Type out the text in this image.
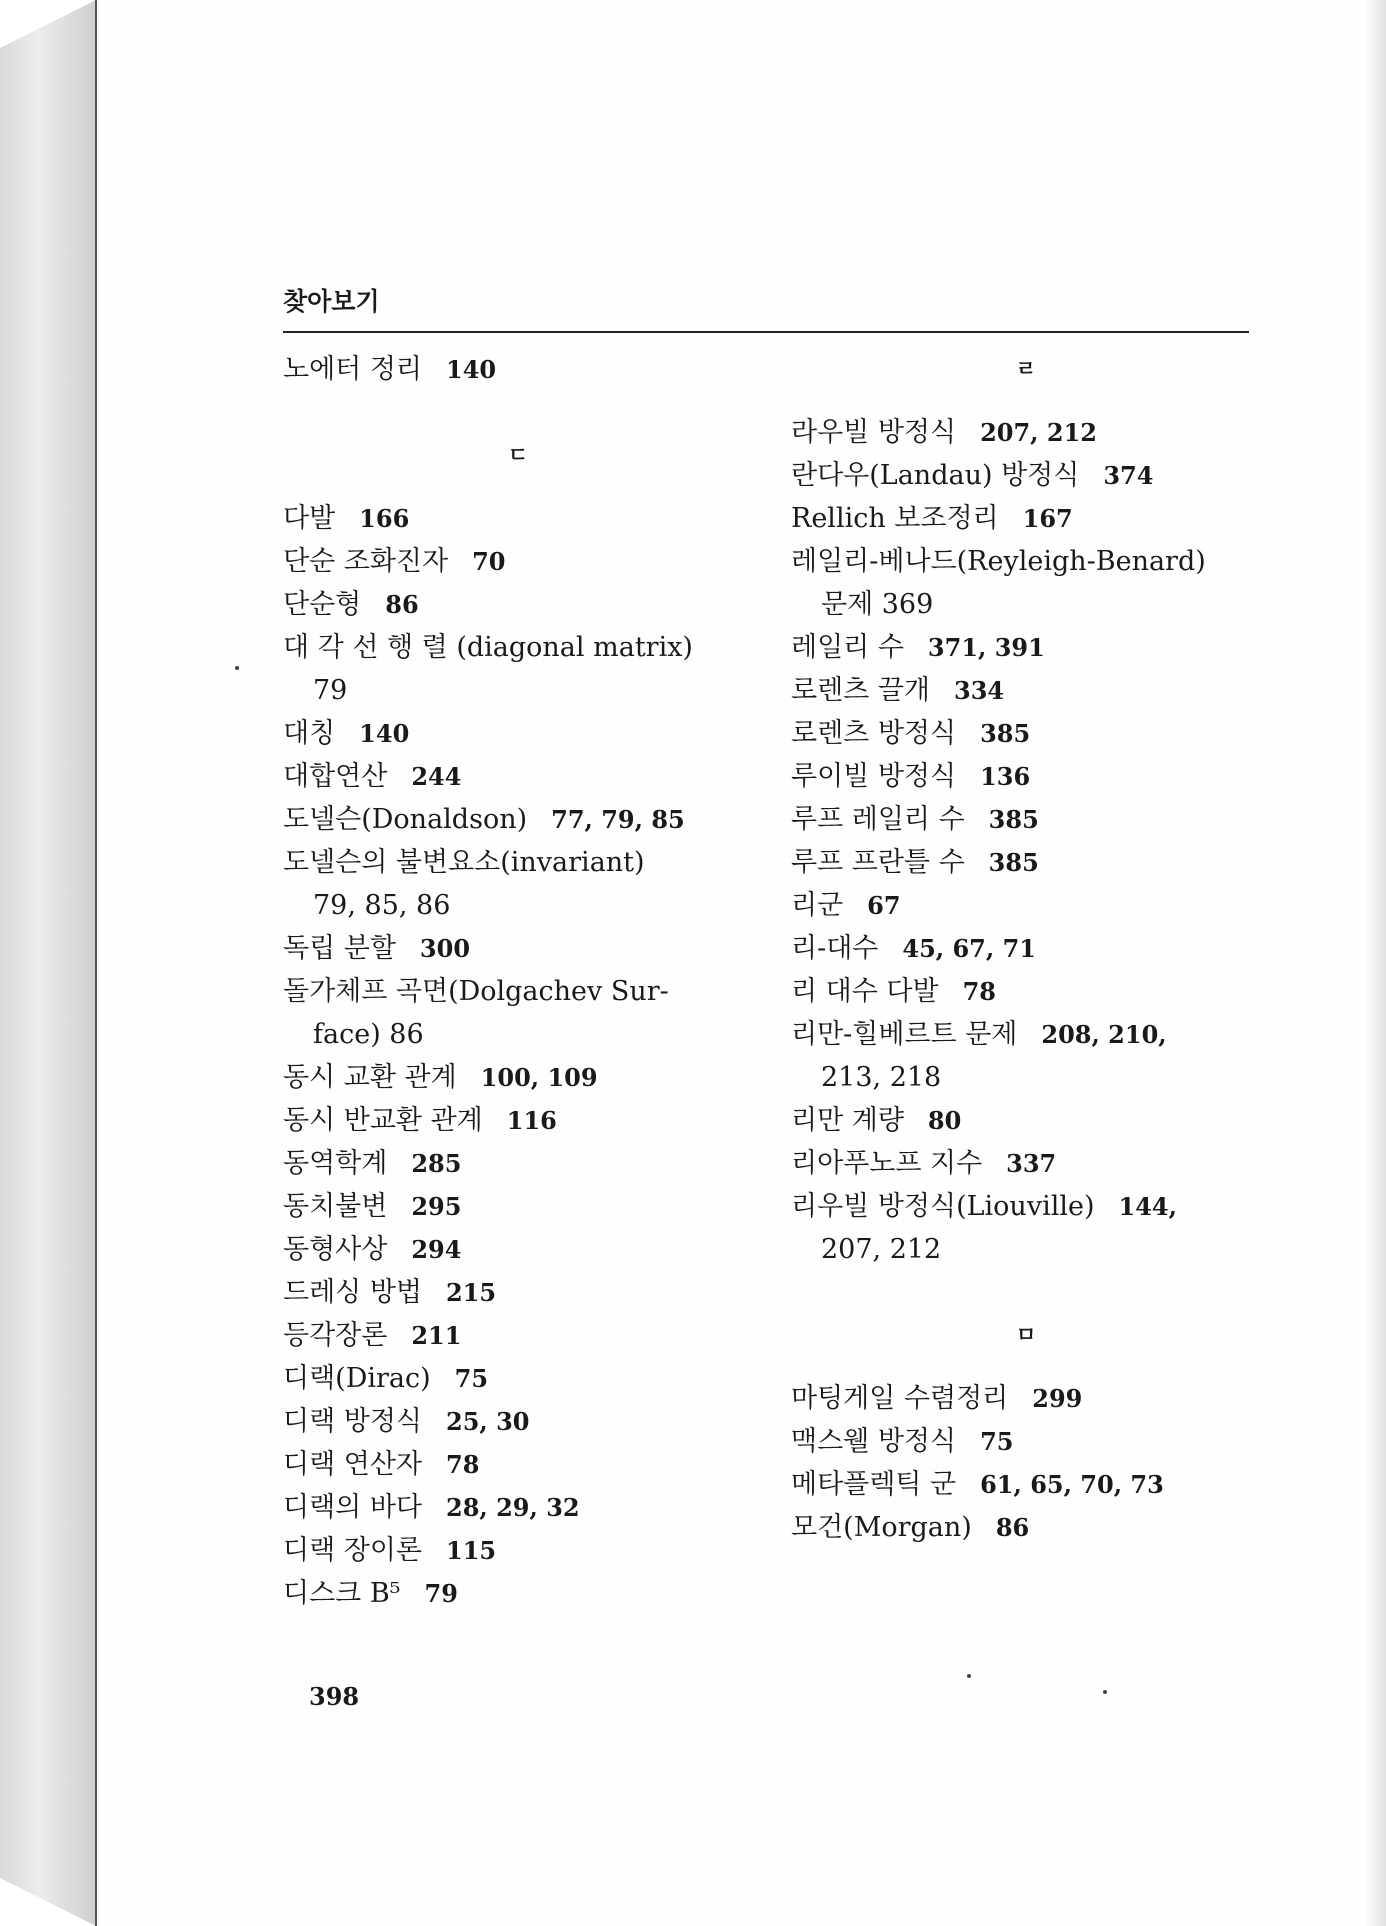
찾아보기
노에터 정리 140
ㄷ
다발 166
단순 조화진자 70
단순형 86
대 각 선 행 렬 (diagonal matrix)
79
대칭 140
대합연산 244
도넬슨(Donaldson) 77, 79, 85
도넬슨의 불변요소(invariant)
79, 85, 86
독립 분할 300
돌가체프 곡면(Dolgachev Sur-
face) 86
동시 교환 관계 100, 109
동시 반교환 관계 116
동역학계 285
동치불변 295
동형사상 294
드레싱 방법 215
등각장론 211
디랙(Dirac) 75
디랙 방정식 25, 30
디랙 연산자 78
디랙의 바다 28, 29, 32
디랙 장이론 115
디스크 B⁵ 79
ㄹ
라우빌 방정식 207, 212
란다우(Landau) 방정식 374
Rellich 보조정리 167
레일리-베나드(Reyleigh-Benard)
문제 369
레일리 수 371, 391
로렌츠 끌개 334
로렌츠 방정식 385
루이빌 방정식 136
루프 레일리 수 385
루프 프란틀 수 385
리군 67
리-대수 45, 67, 71
리 대수 다발 78
리만-힐베르트 문제 208, 210,
213, 218
리만 계량 80
리아푸노프 지수 337
리우빌 방정식(Liouville) 144,
207, 212
ㅁ
마팅게일 수렴정리 299
맥스웰 방정식 75
메타플렉틱 군 61, 65, 70, 73
모건(Morgan) 86
398
